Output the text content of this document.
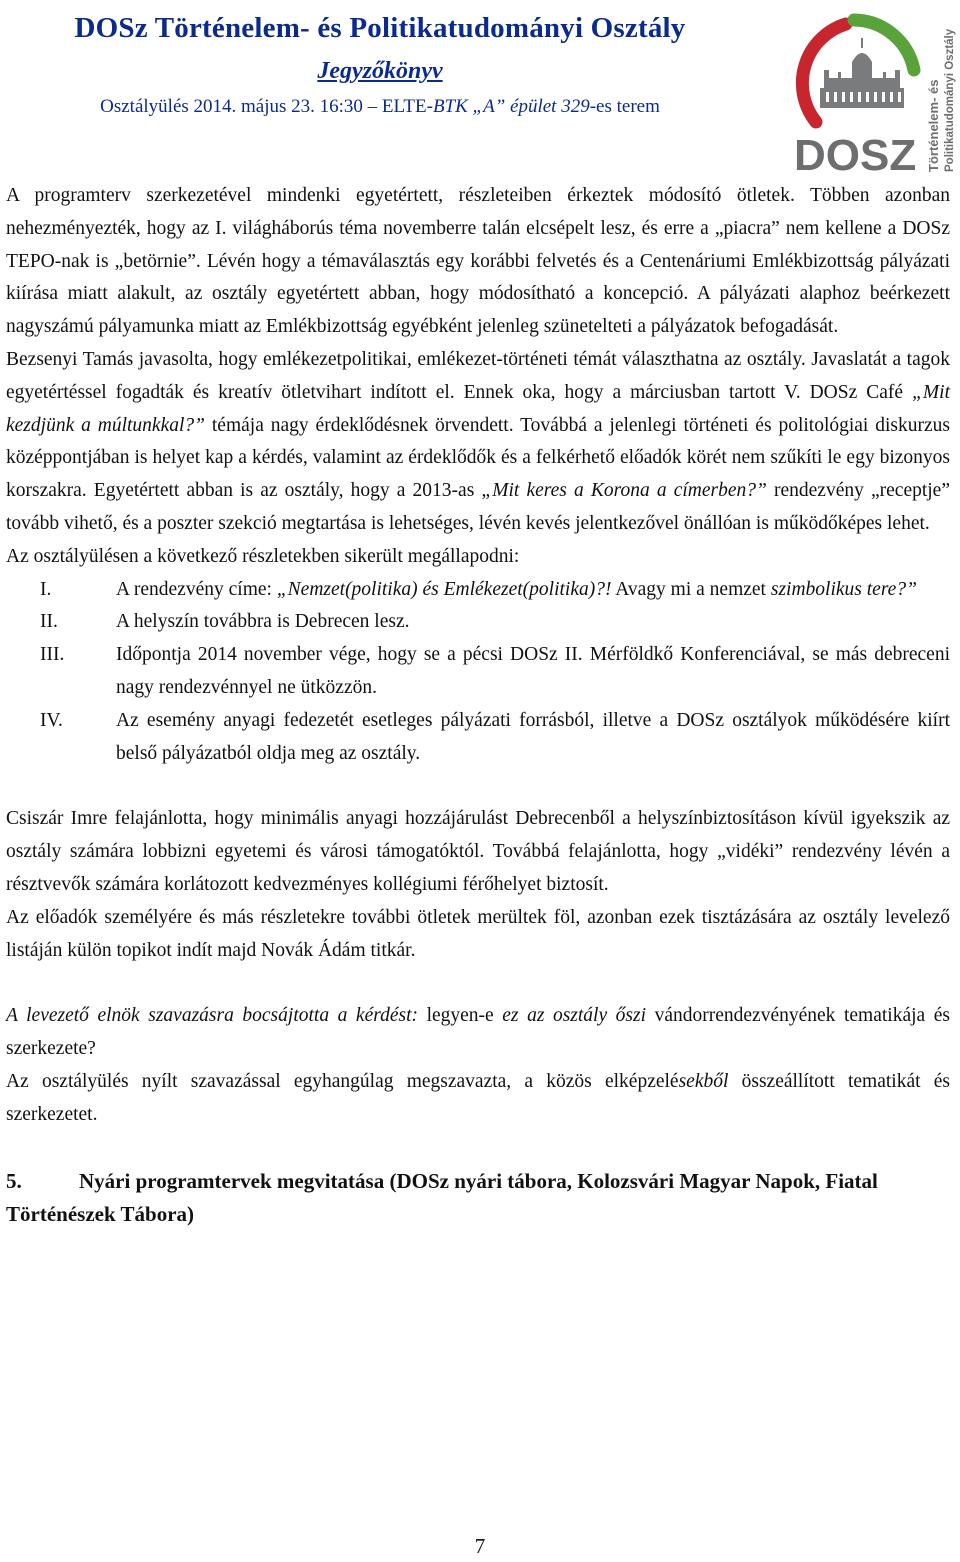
DOSz Történelem- és Politikatudományi Osztály
Jegyzőkönyv
Osztályülés 2014. május 23. 16:30 – ELTE-BTK „A” épület 329-es terem
DOSZ Történelem- és Politikatudományi Osztály

A programterv szerkezetével mindenki egyetértett, részleteiben érkeztek módosító ötletek. Többen azonban nehezményezték, hogy az I. világháborús téma novemberre talán elcsépelt lesz, és erre a „piacra” nem kellene a DOSz TEPO-nak is „betörnie”. Lévén hogy a témaválasztás egy korábbi felvetés és a Centenáriumi Emlékbizottság pályázati kiírása miatt alakult, az osztály egyetértett abban, hogy módosítható a koncepció. A pályázati alaphoz beérkezett nagyszámú pályamunka miatt az Emlékbizottság egyébként jelenleg szünetelteti a pályázatok befogadását.

Bezsenyi Tamás javasolta, hogy emlékezetpolitikai, emlékezet-történeti témát választhatna az osztály. Javaslatát a tagok egyetértéssel fogadták és kreatív ötletvihart indított el. Ennek oka, hogy a márciusban tartott V. DOSz Café „Mit kezdjünk a múltunkkal?” témája nagy érdeklődésnek örvendett. Továbbá a jelenlegi történeti és politológiai diskurzus középpontjában is helyet kap a kérdés, valamint az érdeklődők és a felkérhető előadók körét nem szűkíti le egy bizonyos korszakra. Egyetértett abban is az osztály, hogy a 2013-as „Mit keres a Korona a címerben?” rendezvény „receptje” tovább vihető, és a poszter szekció megtartása is lehetséges, lévén kevés jelentkezővel önállóan is működőképes lehet.

Az osztályülésen a következő részletekben sikerült megállapodni:

I.	A rendezvény címe: „Nemzet(politika) és Emlékezet(politika)?! Avagy mi a nemzet szimbolikus tere?”
II.	A helyszín továbbra is Debrecen lesz.
III.	Időpontja 2014 november vége, hogy se a pécsi DOSz II. Mérföldkő Konferenciával, se más debreceni nagy rendezvénnyel ne ütközzön.
IV.	Az esemény anyagi fedezetét esetleges pályázati forrásból, illetve a DOSz osztályok működésére kiírt belső pályázatból oldja meg az osztály.

Csiszár Imre felajánlotta, hogy minimális anyagi hozzájárulást Debrecenből a helyszínbiztosításon kívül igyekszik az osztály számára lobbizni egyetemi és városi támogatóktól. Továbbá felajánlotta, hogy „vidéki” rendezvény lévén a résztvevők számára korlátozott kedvezményes kollégiumi férőhelyet biztosít.

Az előadók személyére és más részletekre további ötletek merültek föl, azonban ezek tisztázására az osztály levelező listáján külön topikot indít majd Novák Ádám titkár.

A levezető elnök szavazásra bocsájtotta a kérdést: legyen-e ez az osztály őszi vándorrendezvényének tematikája és szerkezete?

Az osztályülés nyílt szavazással egyhangúlag megszavazta, a közös elképzelésekből összeállított tematikát és szerkezetet.

5.	Nyári programtervek megvitatása (DOSz nyári tábora, Kolozsvári Magyar Napok, Fiatal Történészek Tábora)

7
